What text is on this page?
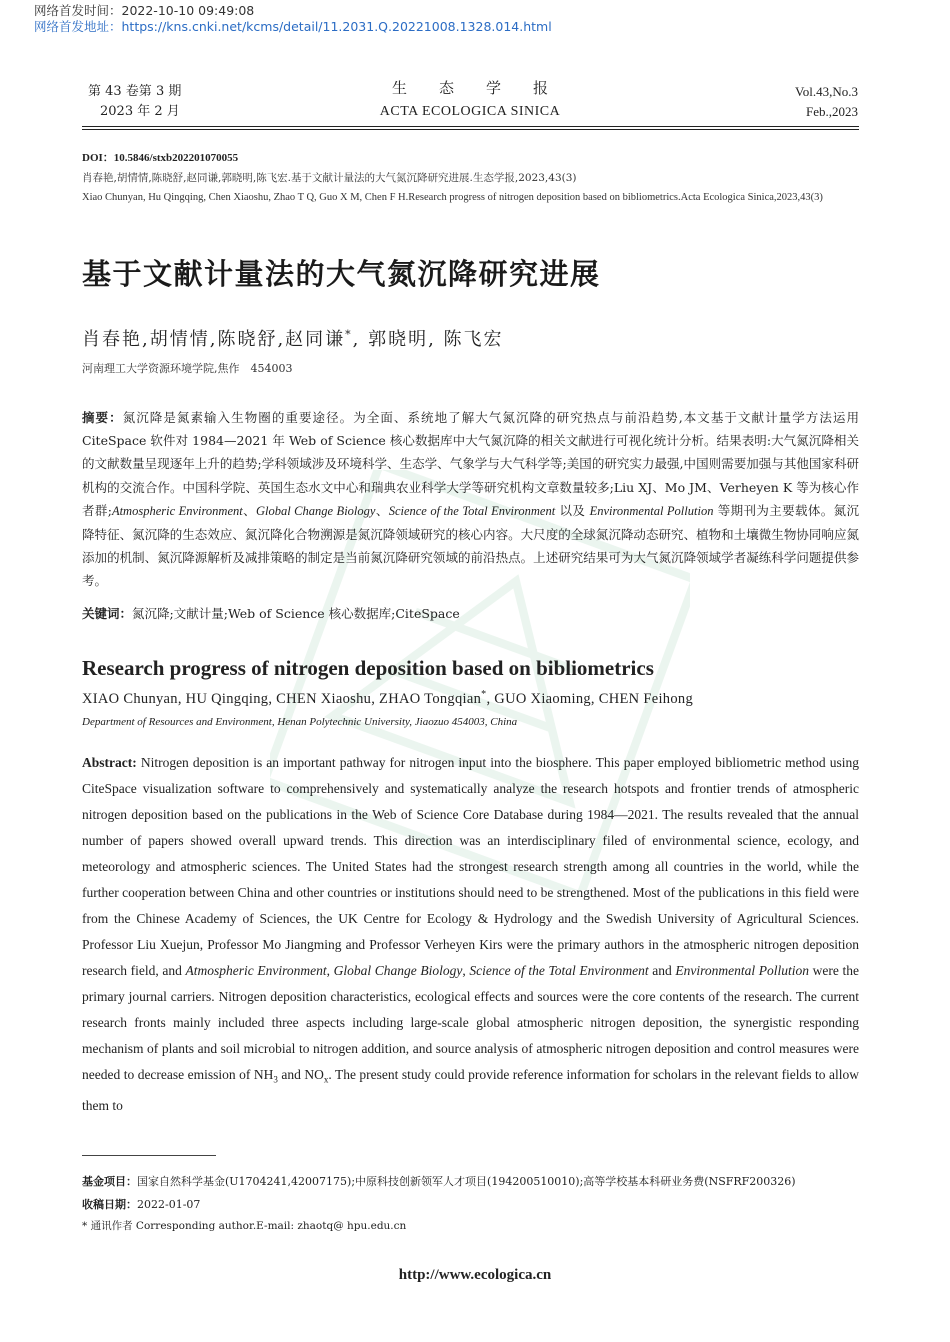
网络首发时间：2022-10-10 09:49:08
网络首发地址：https://kns.cnki.net/kcms/detail/11.2031.Q.20221008.1328.014.html
第 43 卷第 3 期
2023 年 2 月
生态学报
ACTA ECOLOGICA SINICA
Vol.43,No.3
Feb.,2023
DOI：10.5846/stxb202201070055
肖春艳,胡情情,陈晓舒,赵同谦,郭晓明,陈飞宏.基于文献计量法的大气氮沉降研究进展.生态学报,2023,43(3)
Xiao Chunyan, Hu Qingqing, Chen Xiaoshu, Zhao T Q, Guo X M, Chen F H.Research progress of nitrogen deposition based on bibliometrics.Acta Ecologica Sinica,2023,43(3)
基于文献计量法的大气氮沉降研究进展
肖春艳,胡情情,陈晓舒,赵同谦*, 郭晓明, 陈飞宏
河南理工大学资源环境学院,焦作　454003
摘要：氮沉降是氮素输入生物圈的重要途径。为全面、系统地了解大气氮沉降的研究热点与前沿趋势,本文基于文献计量学方法运用 CiteSpace 软件对 1984—2021 年 Web of Science 核心数据库中大气氮沉降的相关文献进行可视化统计分析。结果表明:大气氮沉降相关的文献数量呈现逐年上升的趋势;学科领域涉及环境科学、生态学、气象学与大气科学等;美国的研究实力最强,中国则需要加强与其他国家科研机构的交流合作。中国科学院、英国生态水文中心和瑞典农业科学大学等研究机构文章数量较多;Liu XJ、Mo JM、Verheyen K 等为核心作者群;Atmospheric Environment、Global Change Biology、Science of the Total Environment 以及 Environmental Pollution 等期刊为主要载体。氮沉降特征、氮沉降的生态效应、氮沉降化合物溯源是氮沉降领域研究的核心内容。大尺度的全球氮沉降动态研究、植物和土壤微生物协同响应氮添加的机制、氮沉降源解析及减排策略的制定是当前氮沉降研究领域的前沿热点。上述研究结果可为大气氮沉降领域学者凝练科学问题提供参考。
关键词：氮沉降;文献计量;Web of Science 核心数据库;CiteSpace
Research progress of nitrogen deposition based on bibliometrics
XIAO Chunyan, HU Qingqing, CHEN Xiaoshu, ZHAO Tongqian*, GUO Xiaoming, CHEN Feihong
Department of Resources and Environment, Henan Polytechnic University, Jiaozuo 454003, China
Abstract: Nitrogen deposition is an important pathway for nitrogen input into the biosphere. This paper employed bibliometric method using CiteSpace visualization software to comprehensively and systematically analyze the research hotspots and frontier trends of atmospheric nitrogen deposition based on the publications in the Web of Science Core Database during 1984—2021. The results revealed that the annual number of papers showed overall upward trends. This direction was an interdisciplinary filed of environmental science, ecology, and meteorology and atmospheric sciences. The United States had the strongest research strength among all countries in the world, while the further cooperation between China and other countries or institutions should need to be strengthened. Most of the publications in this field were from the Chinese Academy of Sciences, the UK Centre for Ecology & Hydrology and the Swedish University of Agricultural Sciences. Professor Liu Xuejun, Professor Mo Jiangming and Professor Verheyen Kirs were the primary authors in the atmospheric nitrogen deposition research field, and Atmospheric Environment, Global Change Biology, Science of the Total Environment and Environmental Pollution were the primary journal carriers. Nitrogen deposition characteristics, ecological effects and sources were the core contents of the research. The current research fronts mainly included three aspects including large-scale global atmospheric nitrogen deposition, the synergistic responding mechanism of plants and soil microbial to nitrogen addition, and source analysis of atmospheric nitrogen deposition and control measures were needed to decrease emission of $NH_3$ and $NO_x$. The present study could provide reference information for scholars in the relevant fields to allow them to
基金项目：国家自然科学基金(U1704241,42007175);中原科技创新领军人才项目(194200510010);高等学校基本科研业务费(NSFRF200326)
收稿日期：2022-01-07
* 通讯作者 Corresponding author.E-mail: zhaotq@ hpu.edu.cn
http://www.ecologica.cn
